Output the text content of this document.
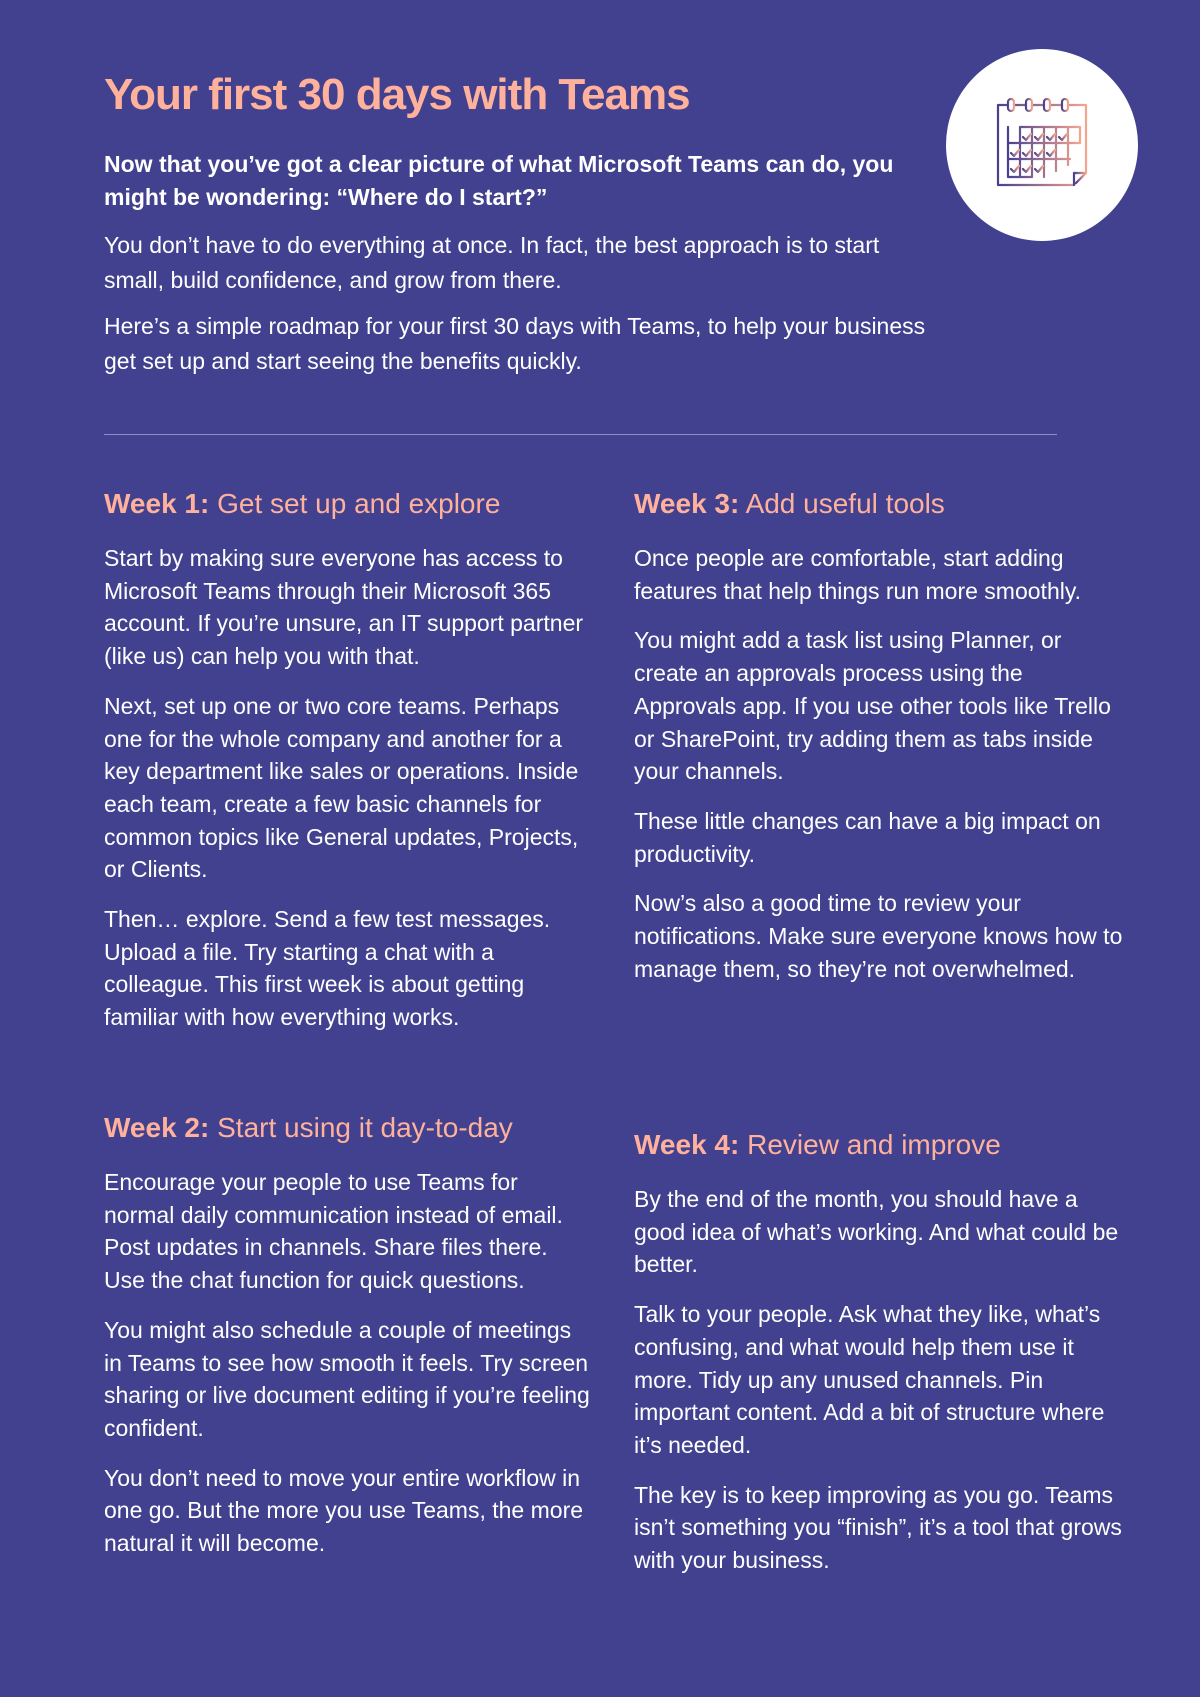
Your first 30 days with Teams

Now that you’ve got a clear picture of what Microsoft Teams can do, you might be wondering: “Where do I start?”

You don’t have to do everything at once. In fact, the best approach is to start small, build confidence, and grow from there.

Here’s a simple roadmap for your first 30 days with Teams, to help your business get set up and start seeing the benefits quickly.

Week 1: Get set up and explore

Start by making sure everyone has access to Microsoft Teams through their Microsoft 365 account. If you’re unsure, an IT support partner (like us) can help you with that.

Next, set up one or two core teams. Perhaps one for the whole company and another for a key department like sales or operations. Inside each team, create a few basic channels for common topics like General updates, Projects, or Clients.

Then… explore. Send a few test messages. Upload a file. Try starting a chat with a colleague. This first week is about getting familiar with how everything works.

Week 3: Add useful tools

Once people are comfortable, start adding features that help things run more smoothly.

You might add a task list using Planner, or create an approvals process using the Approvals app. If you use other tools like Trello or SharePoint, try adding them as tabs inside your channels.

These little changes can have a big impact on productivity.

Now’s also a good time to review your notifications. Make sure everyone knows how to manage them, so they’re not overwhelmed.

Week 2: Start using it day-to-day

Encourage your people to use Teams for normal daily communication instead of email. Post updates in channels. Share files there. Use the chat function for quick questions.

You might also schedule a couple of meetings in Teams to see how smooth it feels. Try screen sharing or live document editing if you’re feeling confident.

You don’t need to move your entire workflow in one go. But the more you use Teams, the more natural it will become.

Week 4: Review and improve

By the end of the month, you should have a good idea of what’s working. And what could be better.

Talk to your people. Ask what they like, what’s confusing, and what would help them use it more. Tidy up any unused channels. Pin important content. Add a bit of structure where it’s needed.

The key is to keep improving as you go. Teams isn’t something you “finish”, it’s a tool that grows with your business.
